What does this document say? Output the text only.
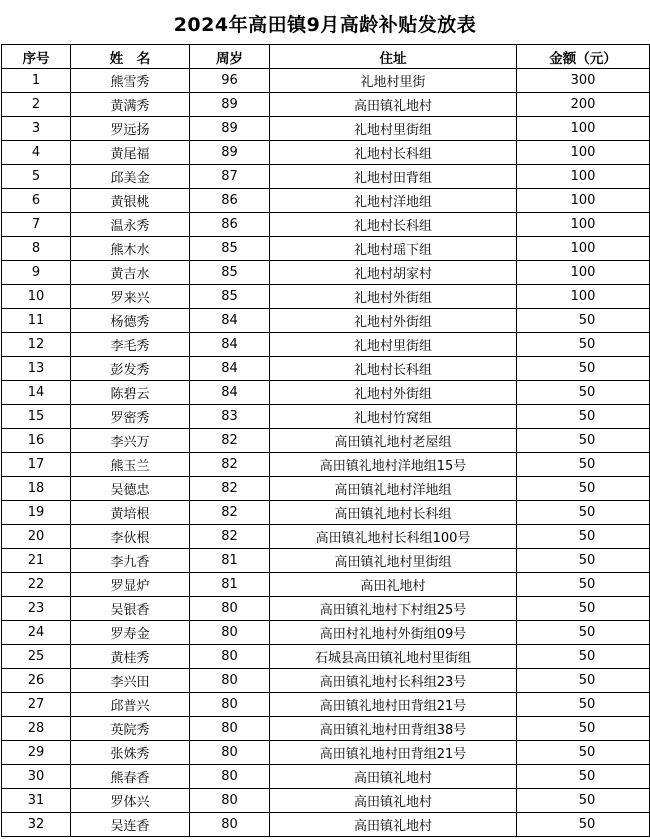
2024年高田镇9月高龄补贴发放表
序号	姓　名	周岁	住址	金额（元）
1	熊雪秀	96	礼地村里街	300
2	黄满秀	89	高田镇礼地村	200
3	罗远扬	89	礼地村里街组	100
4	黄尾福	89	礼地村长科组	100
5	邱美金	87	礼地村田背组	100
6	黄银桃	86	礼地村洋地组	100
7	温永秀	86	礼地村长科组	100
8	熊木水	85	礼地村瑶下组	100
9	黄吉水	85	礼地村胡家村	100
10	罗来兴	85	礼地村外街组	100
11	杨德秀	84	礼地村外街组	50
12	李毛秀	84	礼地村里街组	50
13	彭发秀	84	礼地村长科组	50
14	陈碧云	84	礼地村外街组	50
15	罗密秀	83	礼地村竹窝组	50
16	李兴万	82	高田镇礼地村老屋组	50
17	熊玉兰	82	高田镇礼地村洋地组15号	50
18	吴德忠	82	高田镇礼地村洋地组	50
19	黄培根	82	高田镇礼地村长科组	50
20	李伙根	82	高田镇礼地村长科组100号	50
21	李九香	81	高田镇礼地村里街组	50
22	罗显炉	81	高田礼地村	50
23	吴银香	80	高田镇礼地村下村组25号	50
24	罗寿金	80	高田村礼地村外街组09号	50
25	黄桂秀	80	石城县高田镇礼地村里街组	50
26	李兴田	80	高田镇礼地村长科组23号	50
27	邱普兴	80	高田镇礼地村田背组21号	50
28	英院秀	80	高田镇礼地村田背组38号	50
29	张姝秀	80	高田镇礼地村田背组21号	50
30	熊春香	80	高田镇礼地村	50
31	罗体兴	80	高田镇礼地村	50
32	吴连香	80	高田镇礼地村	50
